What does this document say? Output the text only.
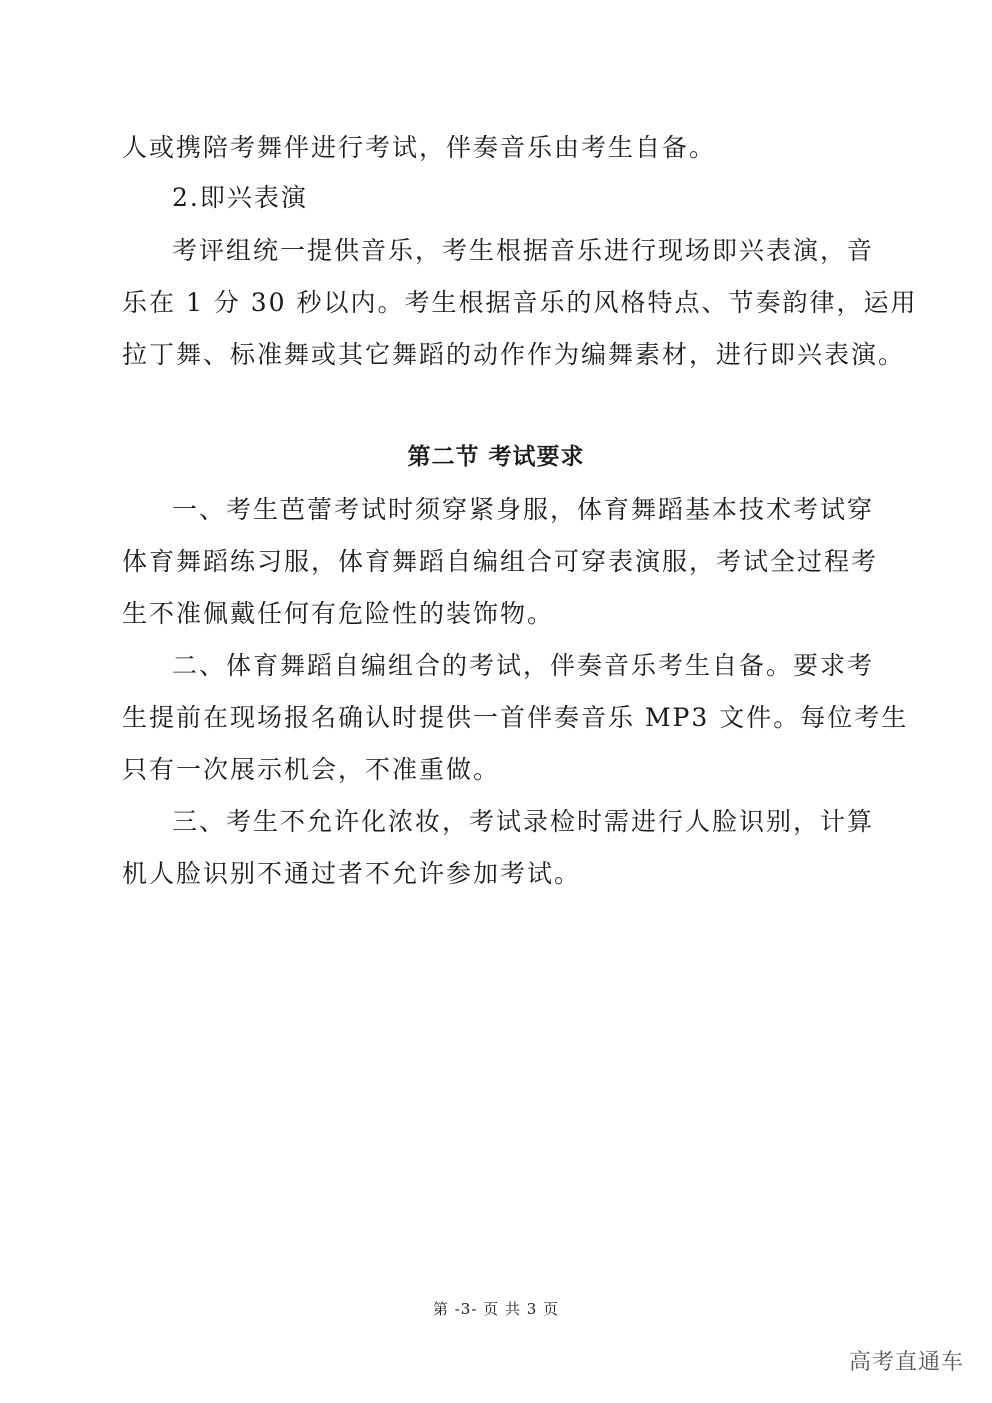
人或携陪考舞伴进行考试，伴奏音乐由考生自备。
2.即兴表演
考评组统一提供音乐，考生根据音乐进行现场即兴表演，音
乐在 1 分 30 秒以内。考生根据音乐的风格特点、节奏韵律，运用
拉丁舞、标准舞或其它舞蹈的动作作为编舞素材，进行即兴表演。
第二节 考试要求
一、考生芭蕾考试时须穿紧身服，体育舞蹈基本技术考试穿
体育舞蹈练习服，体育舞蹈自编组合可穿表演服，考试全过程考
生不准佩戴任何有危险性的装饰物。
二、体育舞蹈自编组合的考试，伴奏音乐考生自备。要求考
生提前在现场报名确认时提供一首伴奏音乐 MP3 文件。每位考生
只有一次展示机会，不准重做。
三、考生不允许化浓妆，考试录检时需进行人脸识别，计算
机人脸识别不通过者不允许参加考试。
第 -3- 页 共 3 页
高考直通车
